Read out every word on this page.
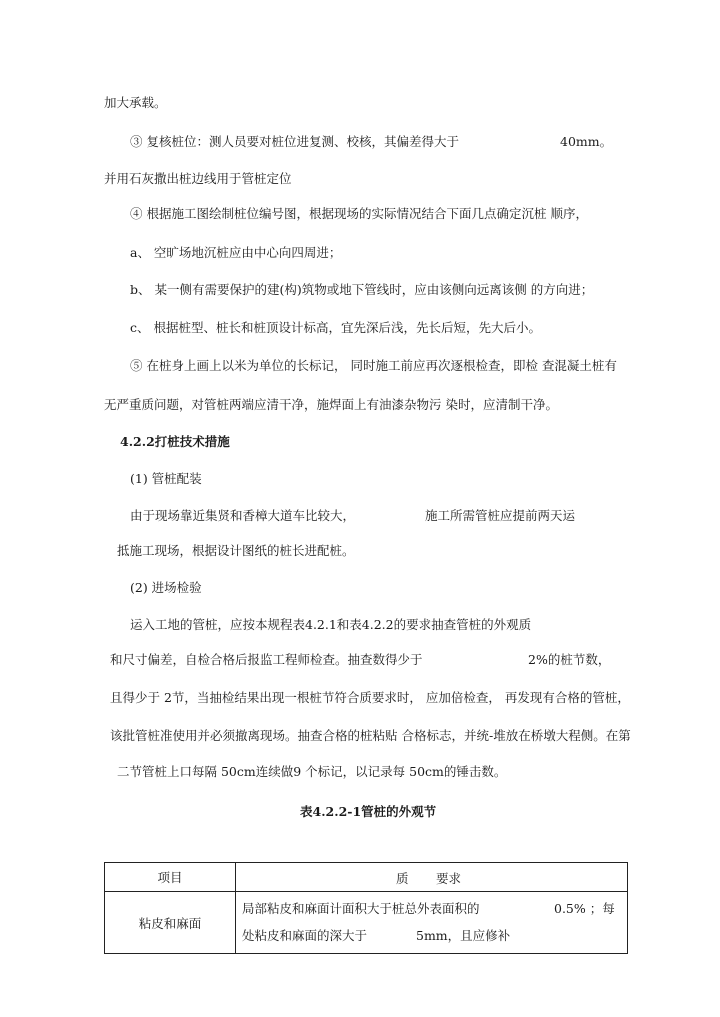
加大承载。
③ 复核桩位：测人员要对桩位进复测、校核，其偏差得大于	40mm。
并用石灰撒出桩边线用于管桩定位
④ 根据施工图绘制桩位编号图，根据现场的实际情况结合下面几点确定沉桩 顺序，
a、 空旷场地沉桩应由中心向四周进；
b、 某一侧有需要保护的建(构)筑物或地下管线时，应由该侧向远离该侧 的方向进；
c、 根据桩型、桩长和桩顶设计标高，宜先深后浅，先长后短，先大后小。
⑤ 在桩身上画上以米为单位的长标记， 同时施工前应再次逐根检查，即检 查混凝土桩有
无严重质问题，对管桩两端应清干净，施焊面上有油漆杂物污 染时，应清制干净。
4.2.2打桩技术措施
(1) 管桩配装
由于现场靠近集贤和香樟大道车比较大，	施工所需管桩应提前两天运
抵施工现场，根据设计图纸的桩长进配桩。
(2) 进场检验
运入工地的管桩，应按本规程表4.2.1和表4.2.2的要求抽查管桩的外观质
和尺寸偏差，自检合格后报监工程师检查。抽查数得少于	2%的桩节数，
且得少于 2节，当抽检结果出现一根桩节符合质要求时， 应加倍检查， 再发现有合格的管桩，
该批管桩准使用并必须撤离现场。抽查合格的桩粘贴 合格标志，并统-堆放在桥墩大程侧。在第
二节管桩上口每隔 50cm连续做9 个标记，以记录每 50cm的锤击数。
表4.2.2-1管桩的外观节
项目	质 要求

粘皮和麻面	局部粘皮和麻面计面积大于桩总外表面积的 0.5% ；每
处粘皮和麻面的深大于 5mm，且应修补
